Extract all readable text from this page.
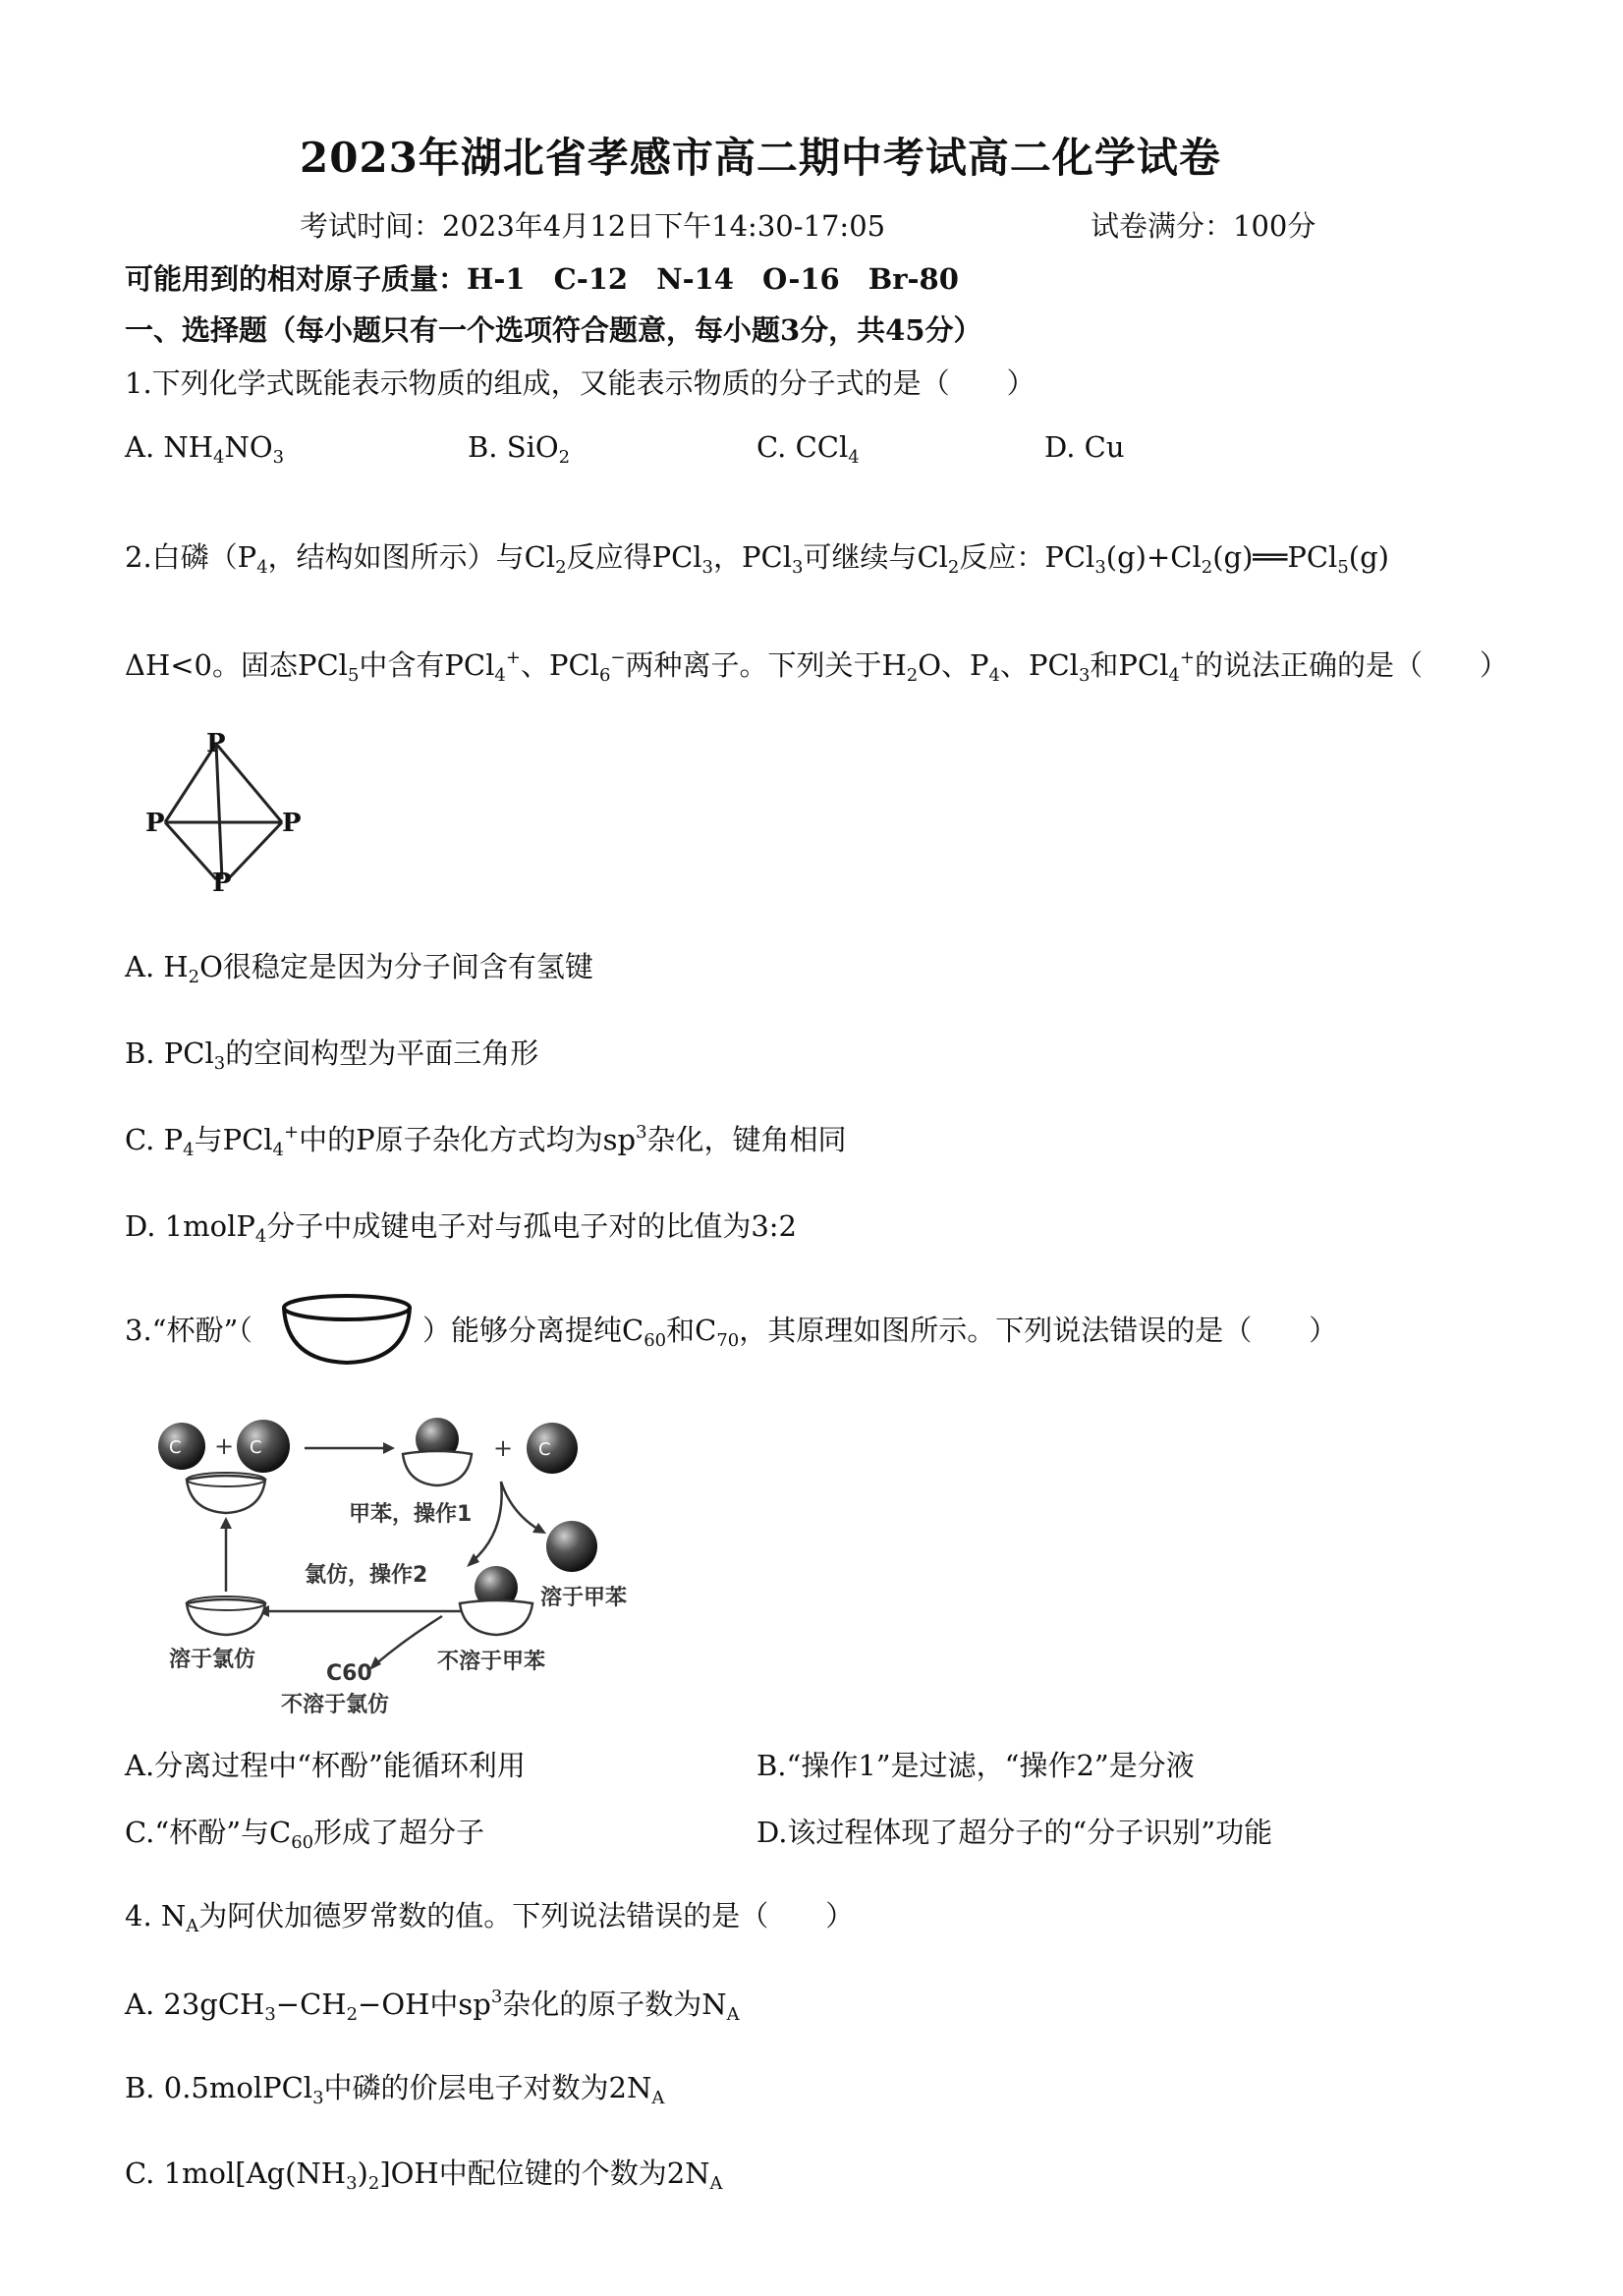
2023年湖北省孝感市高二期中考试高二化学试卷
考试时间：2023年4月12日下午14:30-17:05	试卷满分：100分
可能用到的相对原子质量：H-1　C-12　N-14　O-16　Br-80
一、选择题（每小题只有一个选项符合题意，每小题3分，共45分）
1.下列化学式既能表示物质的组成，又能表示物质的分子式的是（　　）
A. $NH_4NO_3$	B. SiO$_2$	C. CCl$_4$	D. Cu
2.白磷（$P_4$，结构如图所示）与$Cl_2$反应得PCl$_3$，PCl$_3$可继续与$Cl_2$反应：$PCl_3(g)+Cl_2(g)══PCl_5(g)$
ΔH<0。固态PCl$_5$中含有PCl$_4$+、PCl$_6$−两种离子。下列关于$H_2O$、$P_4$、PCl$_3$和PCl$_4$+的说法正确的是（　　）
P
P	P
P
A. $H_2O$很稳定是因为分子间含有氢键
B. PCl$_3$的空间构型为平面三角形
C. $P_4$与PCl$_4$+中的P原子杂化方式均为$sp^3$杂化，键角相同
D. 1molP$_4$分子中成键电子对与孤电子对的比值为3:2
3.“杯酚”（	）能够分离提纯$C_{60}$和$C_{70}$，其原理如图所示。下列说法错误的是（　　）
C + C	+ C
甲苯，操作1
溶于甲苯
不溶于甲苯
氯仿，操作2
溶于氯仿
C60
不溶于氯仿
A.分离过程中“杯酚”能循环利用	B.“操作1”是过滤，“操作2”是分液
C.“杯酚”与$C_{60}$形成了超分子	D.该过程体现了超分子的“分子识别”功能
4. $N_A$为阿伏加德罗常数的值。下列说法错误的是（　　）
A. $23gCH_3-CH_2-OH$中$sp^3$杂化的原子数为$N_A$
B. 0.5molPCl$_3$中磷的价层电子对数为$2N_A$
C. $1mol[Ag(NH_3)_2]OH$中配位键的个数为$2N_A$
